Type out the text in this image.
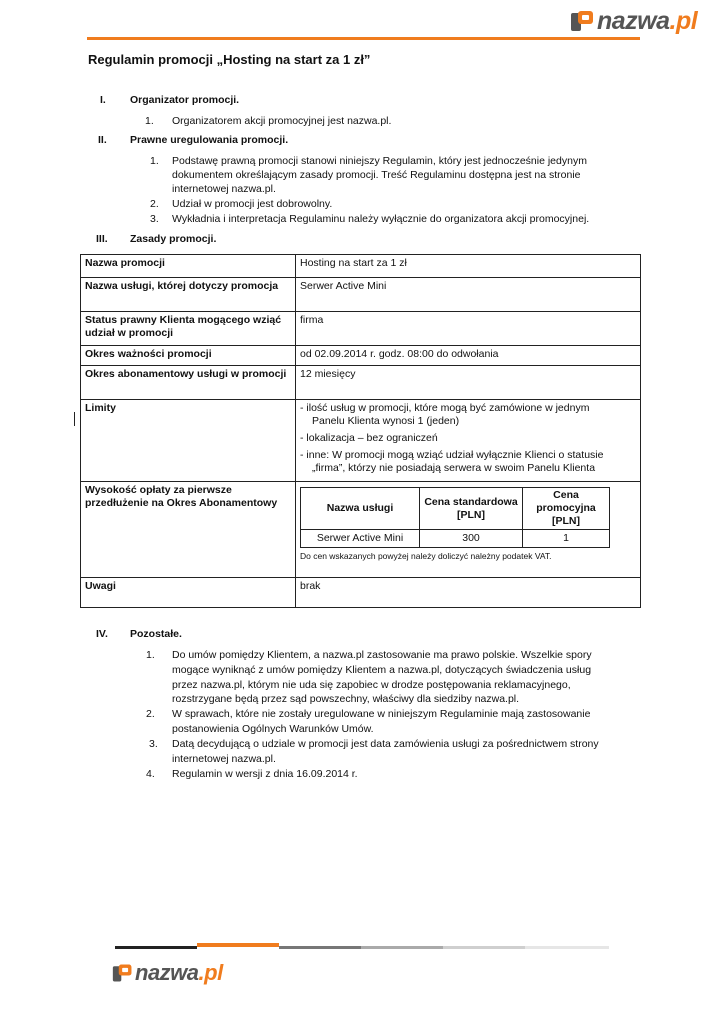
nazwa .pl
Regulamin promocji „Hosting na start za 1 zł”
I. Organizator promocji.
1. Organizatorem akcji promocyjnej jest nazwa.pl.
II. Prawne uregulowania promocji.
1. Podstawę prawną promocji stanowi niniejszy Regulamin, który jest jednocześnie jedynym
dokumentem określającym zasady promocji. Treść Regulaminu dostępna jest na stronie
internetowej nazwa.pl.
2. Udział w promocji jest dobrowolny.
3. Wykładnia i interpretacja Regulaminu należy wyłącznie do organizatora akcji promocyjnej.
III. Zasady promocji.
Nazwa promocji	Hosting na start za 1 zł
Nazwa usługi, której dotyczy promocja	Serwer Active Mini
Status prawny Klienta mogącego wziąć udział w promocji	firma
Okres ważności promocji	od 02.09.2014 r. godz. 08:00 do odwołania
Okres abonamentowy usługi w promocji	12 miesięcy
Limity	- ilość usług w promocji, które mogą być zamówione w jednym

Panelu Klienta wynosi 1 (jeden)

- lokalizacja – bez ograniczeń

- inne: W promocji mogą wziąć udział wyłącznie Klienci o statusie

„firma”, którzy nie posiadają serwera w swoim Panelu Klienta

Wysokość opłaty za pierwsze przedłużenie na Okres Abonamentowy		Nazwa usługi	Cena standardowa [PLN]	Cena promocyjna [PLN]
Serwer Active Mini	300	1
Do cen wskazanych powyżej należy doliczyć należny podatek VAT.

Uwagi	brak
IV. Pozostałe.
1. Do umów pomiędzy Klientem, a nazwa.pl zastosowanie ma prawo polskie. Wszelkie spory
mogące wyniknąć z umów pomiędzy Klientem a nazwa.pl, dotyczących świadczenia usług
przez nazwa.pl, którym nie uda się zapobiec w drodze postępowania reklamacyjnego,
rozstrzygane będą przez sąd powszechny, właściwy dla siedziby nazwa.pl.
2. W sprawach, które nie zostały uregulowane w niniejszym Regulaminie mają zastosowanie
postanowienia Ogólnych Warunków Umów.
3. Datą decydującą o udziale w promocji jest data zamówienia usługi za pośrednictwem strony
internetowej nazwa.pl.
4. Regulamin w wersji z dnia 16.09.2014 r.
nazwa .pl
